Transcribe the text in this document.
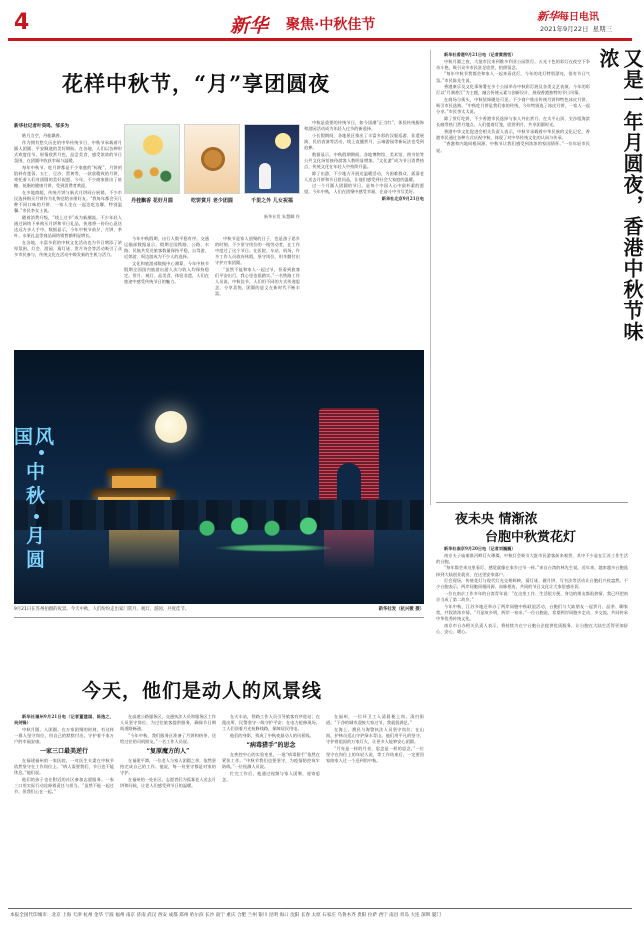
4	新华 聚焦·中秋佳节
新华每日电讯
2021年9月22日 星期三
花样中秋节，“月”享团圆夜
新华社记者叶昊鸣、邹多为

皓月当空，丹桂飘香。

作为拥有悠久历史的中华传统节日，中秋节承载着月圆人团圆、平安顺遂的美好期盼。在各地，人们以各种形式欢度佳节，纵情欣赏月色，品尝美食，感受浓浓的节日氛围，在团圆中收获幸福与温暖。

每年中秋节，吃月饼都是不少家庭的“标配”。月饼的馅料有莲蓉、五仁、豆沙、蛋黄等，一款款精致的月饼，寄托着人们对团圆的美好祝愿。今年，不少商家推出了低糖、低脂的健康月饼，受到消费者欢迎。

在多地商超，传统月饼与新式月饼同台展销，不少市民选择购买月饼作为礼物送给亲朋好友。“我每年都会买几种不同口味的月饼，一家人坐在一起边吃边聊，特别温馨。”市民李女士说。

随着消费升级，“线上过节”成为新潮流。不少年轻人通过网络下单购买月饼和节日礼品，快递将一份份心意送达远方亲人手中。数据显示，今年中秋节前夕，月饼、茶叶、水果礼盒等商品网络销售额明显增长。

在各地，丰富多彩的中秋文化活动也为节日增添了浓厚氛围。灯会、游园、猜灯谜、赏月诗会等活动吸引了众多市民参与，传统文化在活动中焕发新的生机与活力。

丹桂飘香 花好月圆	吃饼赏月 老少团圆	千里之外 儿女祝福
新华社发 朱慧卿 作

今年中秋假期，出行人数平稳有序。交通运输部数据显示，假期全国铁路、公路、水路、民航共发送旅客数量保持平稳，自驾游、近郊游、周边游成为不少人的选择。

文化和旅游部数据中心测算，今年中秋节假期全国国内旅游出游人次与收入均保持稳定。赏月、观灯、品美食、体验非遗，人们在旅途中感受传统节日的魅力。

中秋节是家人团聚的日子，也是游子思乡的时刻。不少坚守岗位的一线劳动者，在工作中度过了这个节日。在医院、车站、机场，许多工作人员放弃休假，坚守岗位，用辛勤付出守护万家团圆。

“虽然不能和家人一起过节，但看到旅客们平安出行，我心里也很踏实。”一名铁路工作人员说。中秋佳节，人们用不同的方式传递思念，分享喜悦，团圆的意义在新时代不断丰富。

中秋是重要的传统节日，如今国潮“正当红”，体验传统服饰和游园活动成为年轻人过节的新选择。

小长假期间，各地景区推出了丰富多彩的汉服巡游、非遗展演、民俗表演等活动，线上直播赏月、云端游园等新玩法也受到追捧。

数据显示，中秋假期期间，各地博物馆、美术馆、图书馆等公共文化场馆接待游客人数明显增加。“文化游”成为节日消费热点，传统文化在年轻人中持续升温。

除了出游，不少地方开展送温暖活动，为困难群众、孤寡老人送去月饼和节日慰问品，让他们感受到社会大家庭的温暖。

过一个月圆人团圆的节日，是每个中国人心中最朴素的愿望。今年中秋，人们在团聚中感受幸福，在奋斗中书写美好。

新华社北京9月21日电	又是一年月圆夜，香港中秋节味浓

新华社香港9月21日电（记者黄茜恬）

中秋月圆之夜，大批市民来到维多利亚公园赏灯。五光十色的彩灯在夜空下争奇斗艳，吸引众多市民驻足欣赏，拍照留念。

“每年中秋节我都会和家人一起来看花灯，今年的花灯特别漂亮，很有节日气氛。”市民陈先生说。

香港康乐及文化事务署在多个公园举办中秋彩灯展及各类文艺表演。今年的彩灯以“月满香江”为主题，融合传统元素与创新设计，展现香港独特的节日风情。

在商场与街头，中秋装饰随处可见。不少商户推出传统月饼和特色冰皮月饼，吸引市民选购。“中秋吃月饼是我们家的传统，今年特别选了冰皮月饼，一家人一起分享。”市民李太太说。

除了赏灯吃饼，不少香港市民选择与家人外出赏月。在太平山顶、尖沙咀海滨长廊等热门赏月地点，人们提着灯笼，欣赏明月，共享团圆时光。

香港中华文化促进会相关负责人表示，中秋节承载着中华民族的文化记忆，香港市民通过各种方式庆祝中秋，体现了对中华传统文化的认同与传承。

“香港和内地同根同源，中秋节让我们感受到浓浓的家国情怀。”一位年轻市民说。

夜未央 情渐浓
台胞中秋赏花灯

新华社南京9月20日电（记者刘巍巍）

南京夫子庙秦淮河畔灯火璀璨，中秋灯会吸引大批市民游客前来观赏，其中不少是在江苏工作生活的台胞。

“每年都会来这里看灯，感觉就像在家乡过节一样。”来自台湾的林先生说。近年来，越来越多台胞选择到大陆创业就业，在这里安家落户。

灯会现场，传统花灯与现代灯光交相辉映，猜灯谜、做月饼、写书法等活动让台胞们兴致盎然。不少台胞表示，两岸同胞同根同源、血脉相连，共同的节日文化让大家倍感亲切。

一位在南京工作多年的台湾青年说：“在这里工作、生活很方便，身边的朋友都很热情，我已经把南京当成了第二故乡。”

今年中秋，江苏多地还举办了两岸同胞中秋联谊活动，台胞们与大陆朋友一起赏月、品茶、聊家常，共叙浓浓乡情。“月是故乡明，两岸一家亲。”一位台胞说，希望两岸同胞多走动、多交流，共同传承中华优秀传统文化。

南京市台办相关负责人表示，将持续为在宁台胞台企提供优质服务，让台胞在大陆生活得更加舒心、安心、暖心。

国风
中秋
月圆
9月21日在苏州拍摄的夜景。今天中秋，人们纷纷走出家门赏月、观灯、游园，共度佳节。	新华社发（杭兴微 摄）
今天，他们是动人的风景线

新华社福州9月21日电（记者董建国、陈逸之、吴剑锋）

中秋月圆，人团圆。在万家团聚的时刻，有这样一群人坚守岗位，用自己的默默付出，守护着千家万户的幸福安康。

一家三口最美逆行

在福建福州的一家医院，一对医生夫妻在中秋节依然坚守在工作岗位上。“病人需要我们，节日也不能休息。”他们说。

他们的孩子也在附近的社区参加志愿服务。一家三口用实际行动诠释着责任与担当。“虽然不能一起过节，但我们心在一起。”

在高速公路服务区，交通执法人员和服务区工作人员坚守岗位，为过往旅客提供服务，确保节日期间道路畅通。

“今年中秋，我们服务区准备了月饼和热茶，送给过往的司机朋友。”一名工作人员说。

“复原魔方的人”

在福建平潭，一位老人与家人团圆之余，依然坚持完成自己的工作。他说，每一份坚守都是对家的守护。

在福州的一处社区，志愿者们为孤寡老人送去月饼和问候，让老人们感受到节日的温暖。

在火车站，铁路工作人员引导旅客有序进站；在派出所，民警坚守一线守护平安；在电力抢修现场，工人们顶着月光检修线路，保障居民用电。

他们的身影，构成了中秋夜最动人的风景线。

“病毒猎手”的思念

在疾控中心的实验室里，一批“病毒猎手”依然在紧张工作。“中秋节我们也要坚守，为疫情防控筑牢防线。”一位检测人员说。

忙完工作后，他通过视频与家人团聚，遥寄思念。

在福州，一位环卫工人清晨便上岗，清扫街道。“干净的城市迎接大家过节，我就很满足。”

在海上，渔民与海警执法人员坚守岗位；在山间，护林员巡山守护绿水青山。他们用平凡的坚守，守护着祖国的万家灯火，让更多人能够安心团圆。

“月亮是一样的月亮，思念是一样的思念。”一位坚守在岗位上的年轻人说，等工作结束后，一定要回家陪家人过一个迟到的中秋。

本报全国代印城市：北京 上海 天津 杭州 金华 宁波 福州 南京 济南 武汉 西安 成都 郑州 哈尔滨 长沙 南宁 重庆 合肥 兰州 银川 昆明 海口 沈阳 长春 太原 石家庄 乌鲁木齐 贵阳 拉萨 西宁 南昌 青岛 大连 深圳 厦门
